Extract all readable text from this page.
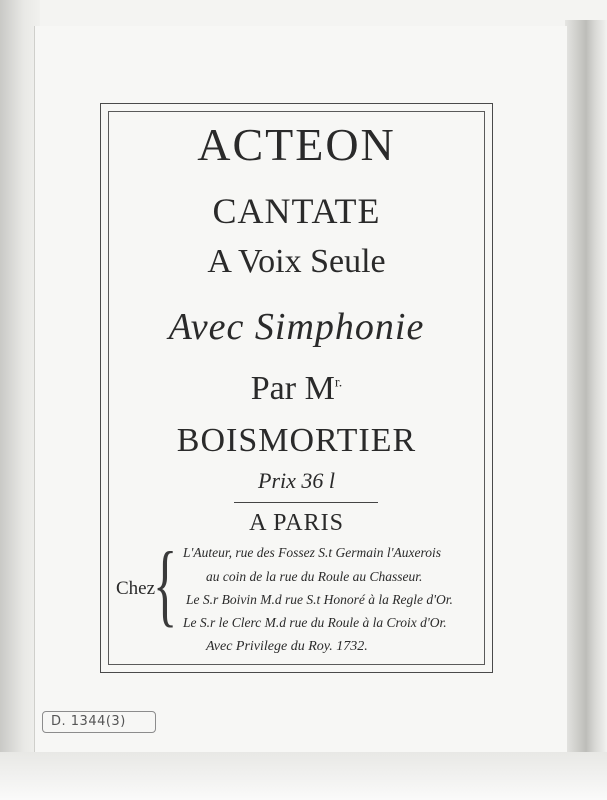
ACTEON
CANTATE
A Voix Seule
Avec Simphonie
Par $M^{r.}$
BOISMORTIER
Prix 36 l
A PARIS
Chez
{ L'Auteur, rue des Fossez S.t Germain l'Auxerois
au coin de la rue du Roule au Chasseur.
Le S.r Boivin M.d rue S.t Honoré à la Regle d'Or.
Le S.r le Clerc M.d rue du Roule à la Croix d'Or.
Avec Privilege du Roy. 1732.
D. 1344(3)
